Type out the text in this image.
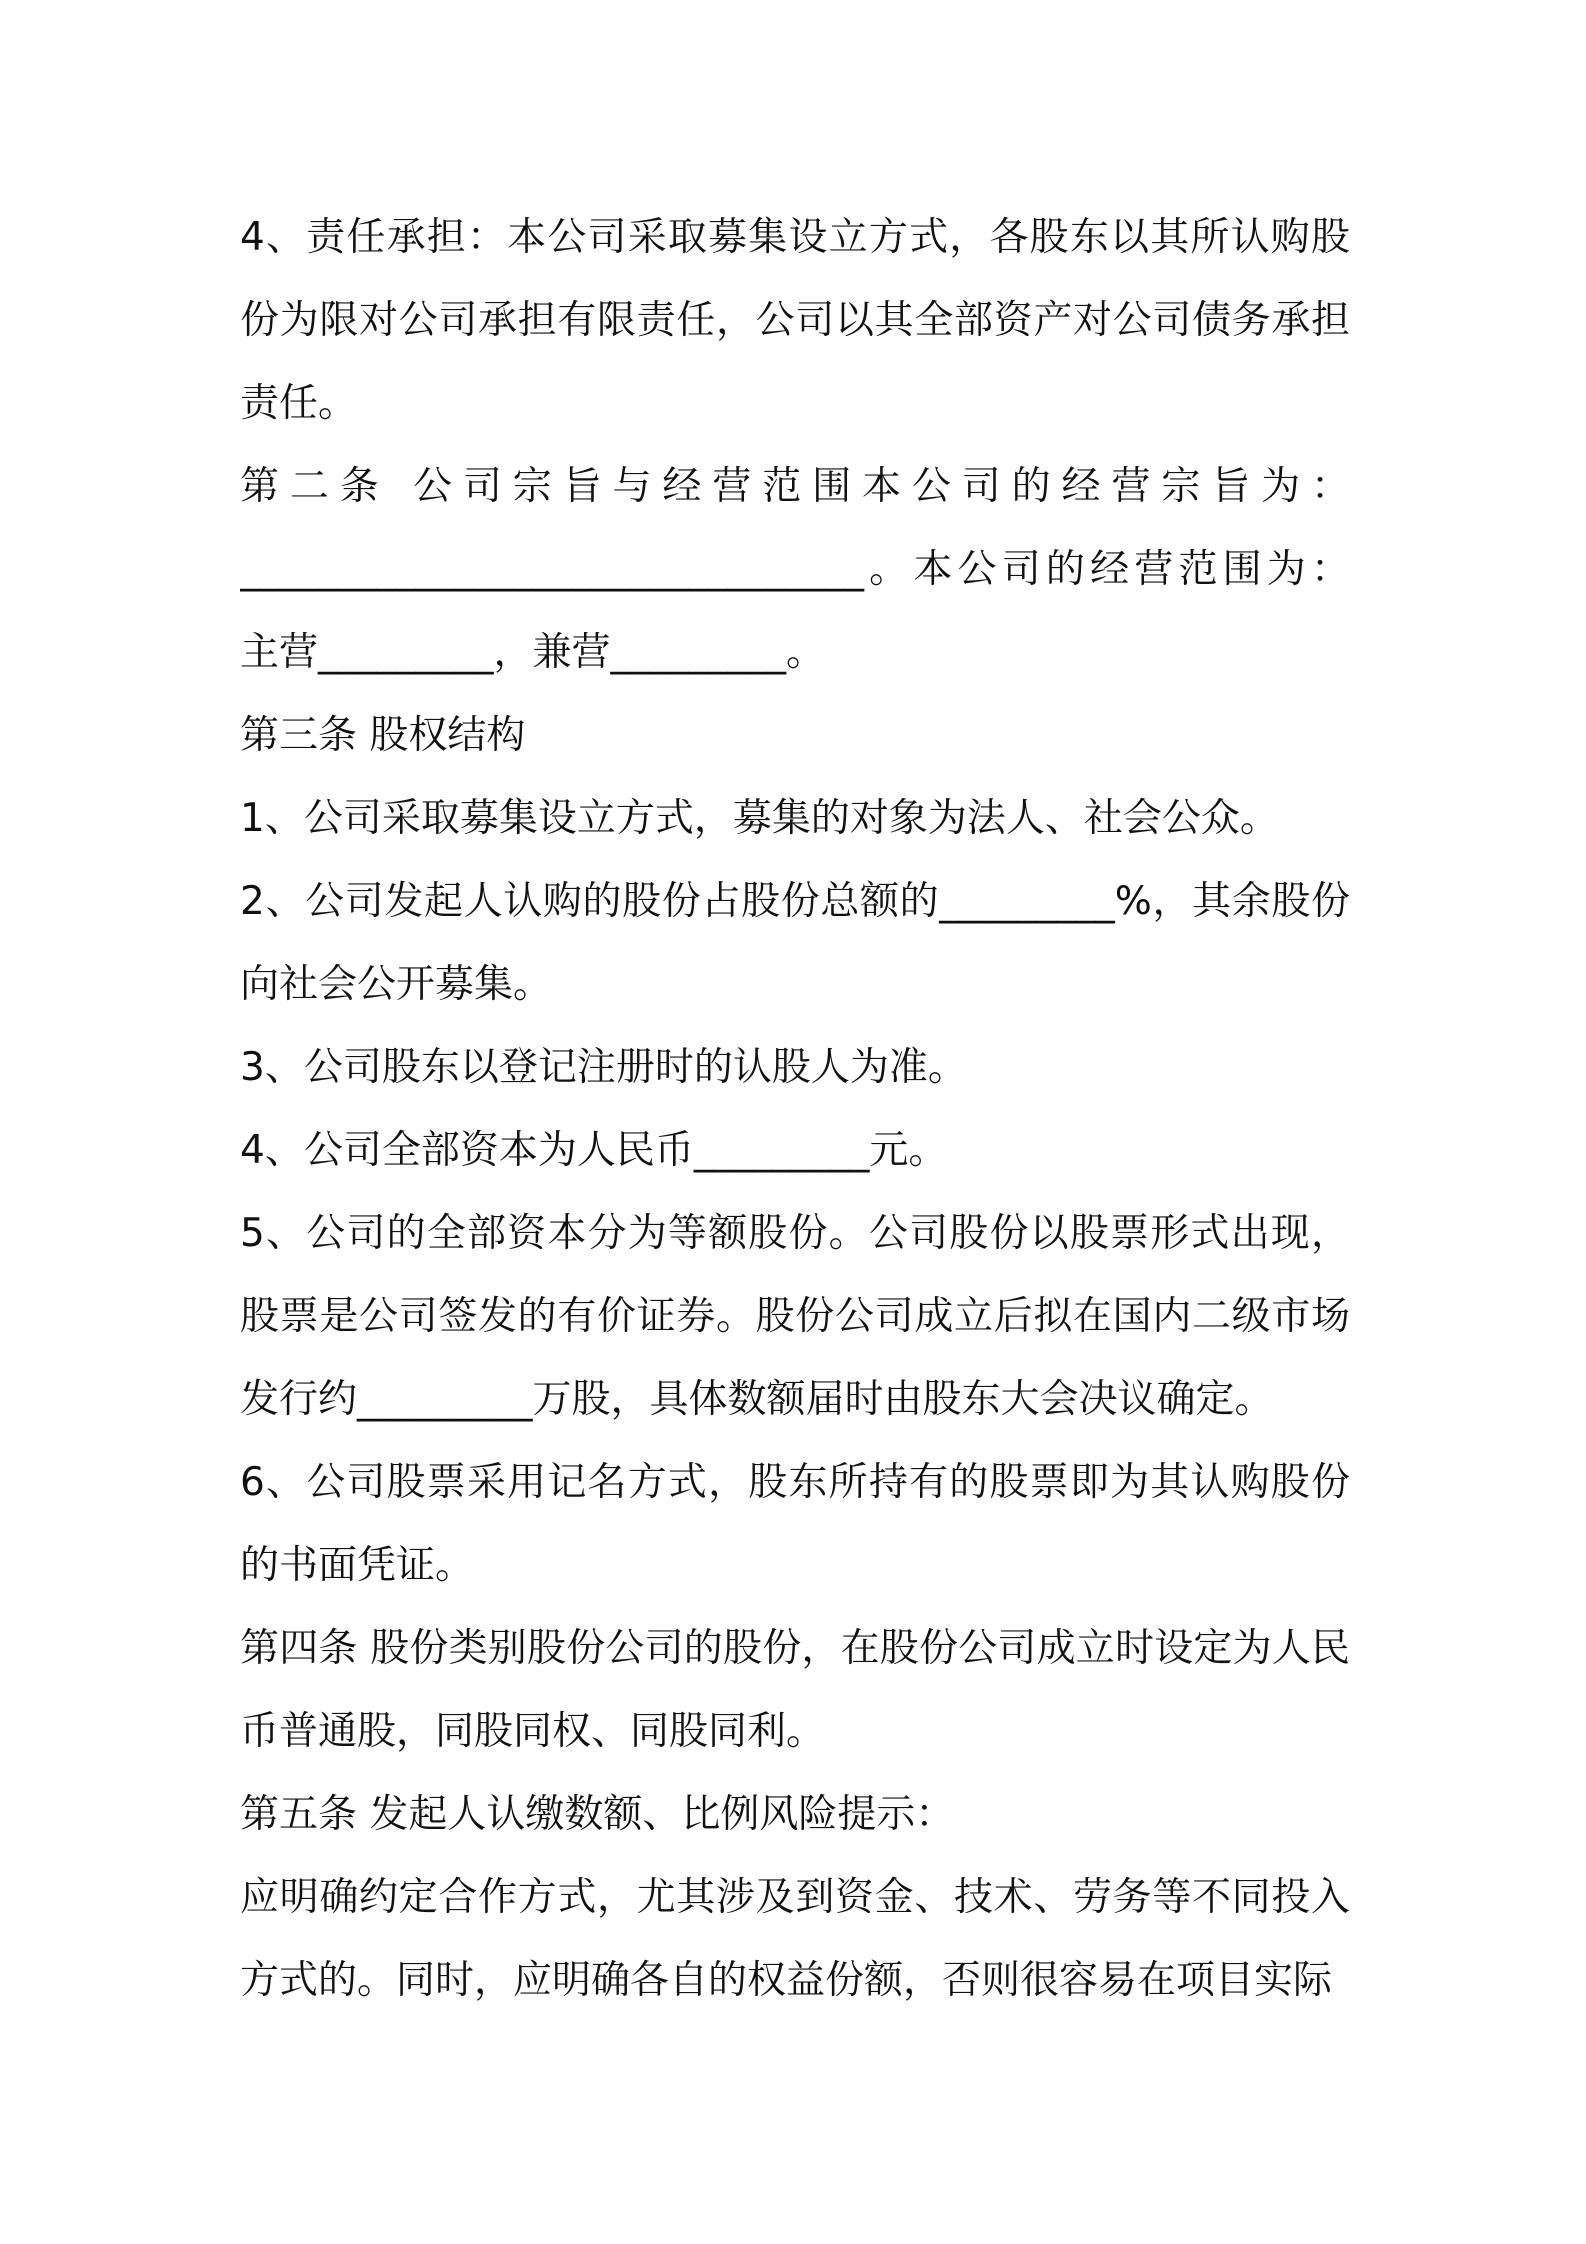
4、责任承担：本公司采取募集设立方式，各股东以其所认购股份为限对公司承担有限责任，公司以其全部资产对公司债务承担责任。

第二条 公司宗旨与经营范围本公司的经营宗旨为：

________________________________。本公司的经营范围为：

主营_________，兼营_________。

第三条 股权结构

1、公司采取募集设立方式，募集的对象为法人、社会公众。

2、公司发起人认购的股份占股份总额的_________%，其余股份向社会公开募集。

3、公司股东以登记注册时的认股人为准。

4、公司全部资本为人民币_________元。

5、公司的全部资本分为等额股份。公司股份以股票形式出现，股票是公司签发的有价证券。股份公司成立后拟在国内二级市场发行约_________万股，具体数额届时由股东大会决议确定。

6、公司股票采用记名方式，股东所持有的股票即为其认购股份的书面凭证。

第四条 股份类别股份公司的股份，在股份公司成立时设定为人民币普通股，同股同权、同股同利。

第五条 发起人认缴数额、比例风险提示：

应明确约定合作方式，尤其涉及到资金、技术、劳务等不同投入方式的。同时，应明确各自的权益份额，否则很容易在项目实际
